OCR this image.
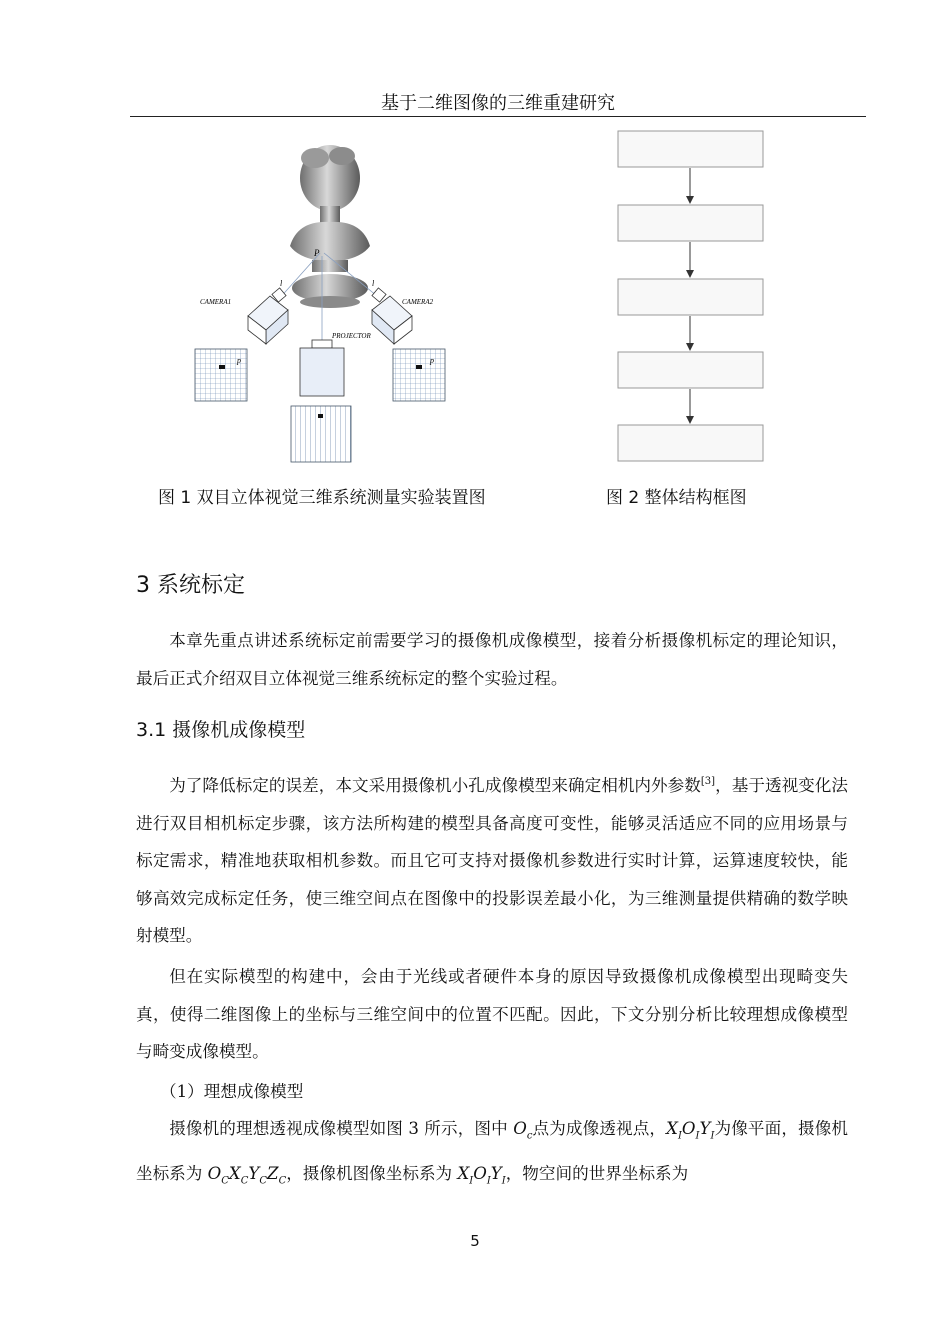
基于二维图像的三维重建研究
P
l	l
CAMERA1	CAMERA2
PROJECTOR
p	p
图 1 双目立体视觉三维系统测量实验装置图	图 2 整体结构框图
3 系统标定

本章先重点讲述系统标定前需要学习的摄像机成像模型，接着分析摄像机标定的理论知识，最后正式介绍双目立体视觉三维系统标定的整个实验过程。

3.1 摄像机成像模型

为了降低标定的误差，本文采用摄像机小孔成像模型来确定相机内外参数[3]，基于透视变化法进行双目相机标定步骤，该方法所构建的模型具备高度可变性，能够灵活适应不同的应用场景与标定需求，精准地获取相机参数。而且它可支持对摄像机参数进行实时计算，运算速度较快，能够高效完成标定任务，使三维空间点在图像中的投影误差最小化，为三维测量提供精确的数学映射模型。

但在实际模型的构建中，会由于光线或者硬件本身的原因导致摄像机成像模型出现畸变失真，使得二维图像上的坐标与三维空间中的位置不匹配。因此，下文分别分析比较理想成像模型与畸变成像模型。

（1）理想成像模型

摄像机的理想透视成像模型如图 3 所示，图中 $O_c$点为成像透视点，$X_IO_IY_I$为像平面，摄像机坐标系为 $O_CX_CY_CZ_C$，摄像机图像坐标系为 $X_IO_IY_I$，物空间的世界坐标系为

5
